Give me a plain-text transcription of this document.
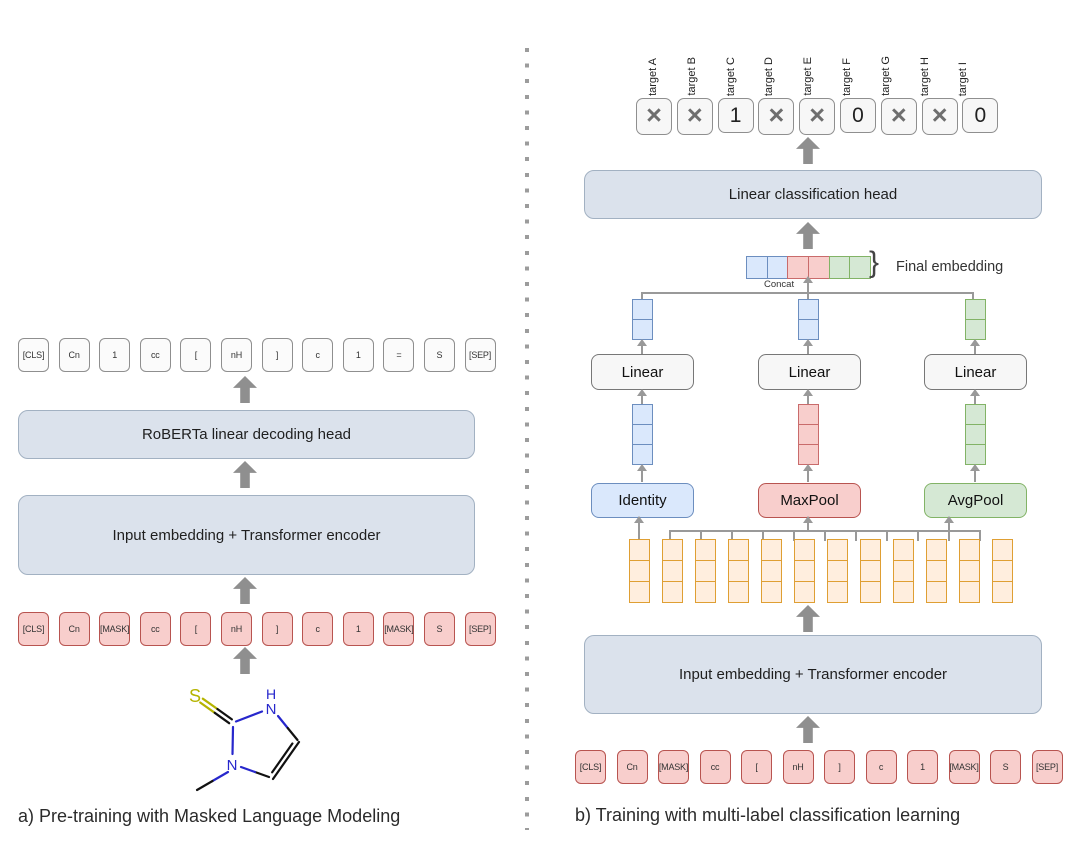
[CLS]	Cn	1	cc	[	nH	]	c	1	=	S	[SEP]
RoBERTa linear decoding head
Input embedding + Transformer encoder
[CLS]	Cn	[MASK]	cc	[	nH	]	c	1	[MASK]	S	[SEP]
S	H
N
N
a) Pre-training with Masked Language Modeling
target A target B target C target D target E target F target G target H target I
× ×	1	× ×	0	× ×	0
Linear classification head
} Final embedding
Concat
Linear	Linear	Linear
Identity	MaxPool	AvgPool
Input embedding + Transformer encoder
[CLS]	Cn	[MASK]	cc	[	nH	]	c	1	[MASK]	S	[SEP]
b) Training with multi-label classification learning
